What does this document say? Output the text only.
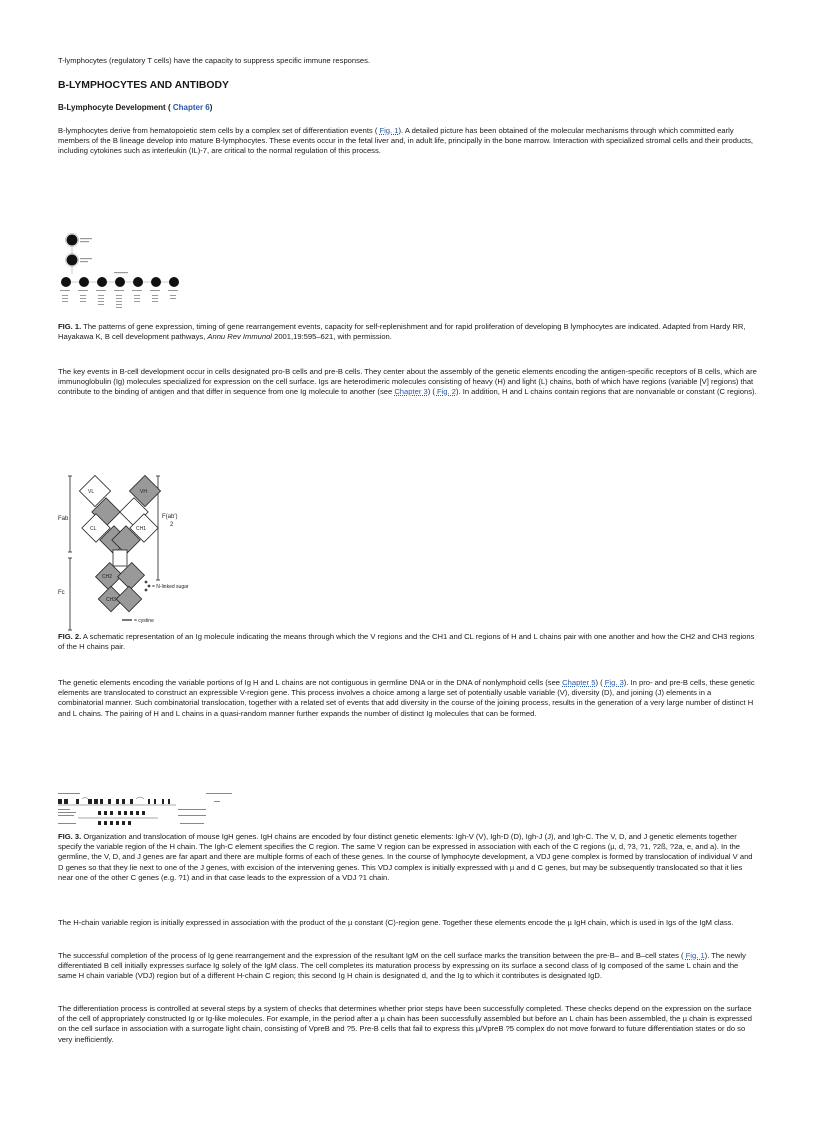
T-lymphocytes (regulatory T cells) have the capacity to suppress specific immune responses.

B-LYMPHOCYTES AND ANTIBODY
B-Lymphocyte Development ( Chapter 6)

B-lymphocytes derive from hematopoietic stem cells by a complex set of differentiation events ( Fig. 1). A detailed picture has been obtained of the molecular mechanisms through which committed early members of the B lineage develop into mature B-lymphocytes. These events occur in the fetal liver and, in adult life, principally in the bone marrow. Interaction with specialized stromal cells and their products, including cytokines such as interleukin (IL)-7, are critical to the normal regulation of this process.

FIG. 1. The patterns of gene expression, timing of gene rearrangement events, capacity for self-replenishment and for rapid proliferation of developing B lymphocytes are indicated. Adapted from Hardy RR, Hayakawa K, B cell development pathways, Annu Rev Immunol 2001,19:595–621, with permission.

The key events in B-cell development occur in cells designated pro-B cells and pre-B cells. They center about the assembly of the genetic elements encoding the antigen-specific receptors of B cells, which are immunoglobulin (Ig) molecules specialized for expression on the cell surface. Igs are heterodimeric molecules consisting of heavy (H) and light (L) chains, both of which have regions (variable [V] regions) that contribute to the binding of antigen and that differ in sequence from one Ig molecule to another (see Chapter 3) ( Fig. 2). In addition, H and L chains contain regions that are nonvariable or constant (C regions).

Fab
Fc
F(ab')
2
VL	VH
CL	CH1
CH2
CH3
= N-linked sugar
= cystine

FIG. 2. A schematic representation of an Ig molecule indicating the means through which the V regions and the CH1 and CL regions of H and L chains pair with one another and how the CH2 and CH3 regions of the H chains pair.

The genetic elements encoding the variable portions of Ig H and L chains are not contiguous in germline DNA or in the DNA of nonlymphoid cells (see Chapter 5) ( Fig. 3). In pro- and pre-B cells, these genetic elements are translocated to construct an expressible V-region gene. This process involves a choice among a large set of potentially usable variable (V), diversity (D), and joining (J) elements in a combinatorial manner. Such combinatorial translocation, together with a related set of events that add diversity in the course of the joining process, results in the generation of a very large number of distinct H and L chains. The pairing of H and L chains in a quasi-random manner further expands the number of distinct Ig molecules that can be formed.

FIG. 3. Organization and translocation of mouse IgH genes. IgH chains are encoded by four distinct genetic elements: Igh-V (V), Igh-D (D), Igh-J (J), and Igh-C. The V, D, and J genetic elements together specify the variable region of the H chain. The Igh-C element specifies the C region. The same V region can be expressed in association with each of the C regions (µ, d, ?3, ?1, ?2ß, ?2a, e, and a). In the germline, the V, D, and J genes are far apart and there are multiple forms of each of these genes. In the course of lymphocyte development, a VDJ gene complex is formed by translocation of individual V and D genes so that they lie next to one of the J genes, with excision of the intervening genes. This VDJ complex is initially expressed with µ and d C genes, but may be subsequently translocated so that it lies near one of the other C genes (e.g. ?1) and in that case leads to the expression of a VDJ ?1 chain.

The H-chain variable region is initially expressed in association with the product of the µ constant (C)-region gene. Together these elements encode the µ IgH chain, which is used in Igs of the IgM class.

The successful completion of the process of Ig gene rearrangement and the expression of the resultant IgM on the cell surface marks the transition between the pre-B– and B–cell states ( Fig. 1). The newly differentiated B cell initially expresses surface Ig solely of the IgM class. The cell completes its maturation process by expressing on its surface a second class of Ig composed of the same L chain and the same H chain variable (VDJ) region but of a different H-chain C region; this second Ig H chain is designated d, and the Ig to which it contributes is designated IgD.

The differentiation process is controlled at several steps by a system of checks that determines whether prior steps have been successfully completed. These checks depend on the expression on the surface of the cell of appropriately constructed Ig or Ig-like molecules. For example, in the period after a µ chain has been successfully assembled but before an L chain has been assembled, the µ chain is expressed on the cell surface in association with a surrogate light chain, consisting of VpreB and ?5. Pre-B cells that fail to express this µ/VpreB ?5 complex do not move forward to future differentiation states or do so very inefficiently.
